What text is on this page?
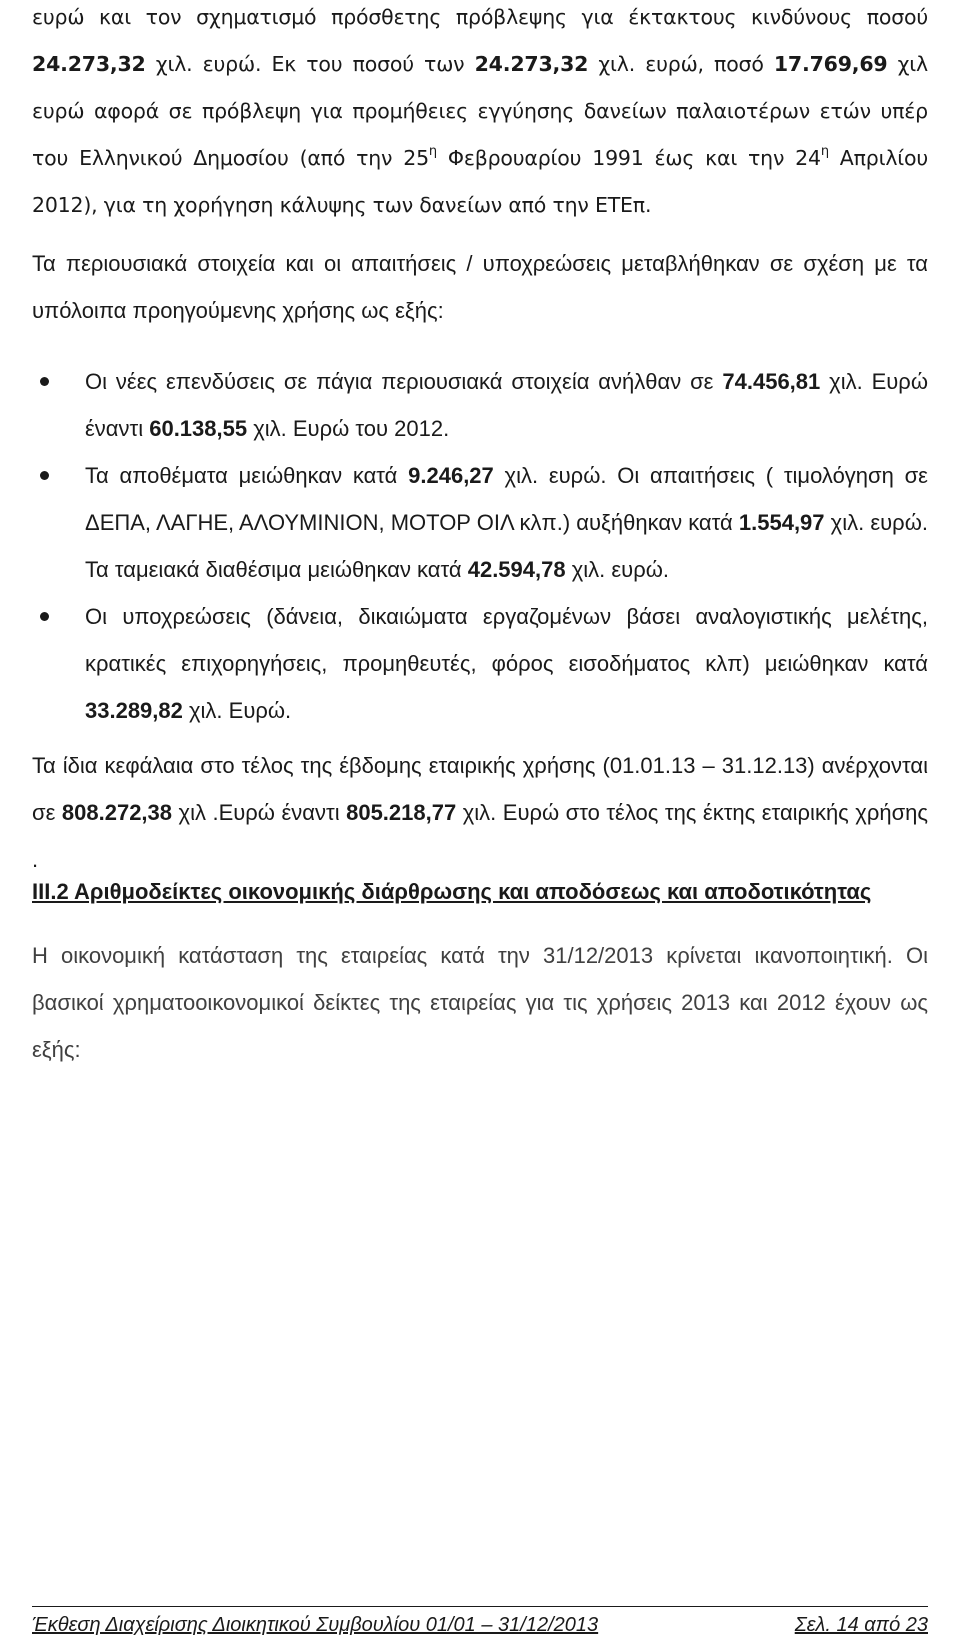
ευρώ και τον σχηματισμό πρόσθετης πρόβλεψης για έκτακτους κινδύνους ποσού 24.273,32 χιλ. ευρώ. Εκ του ποσού των 24.273,32 χιλ. ευρώ, ποσό 17.769,69 χιλ ευρώ αφορά σε πρόβλεψη για προμήθειες εγγύησης δανείων παλαιοτέρων ετών υπέρ του Ελληνικού Δημοσίου (από την $25^\eta$ Φεβρουαρίου 1991 έως και την $24^\eta$ Απριλίου 2012), για τη χορήγηση κάλυψης των δανείων από την ΕΤΕπ.

Τα περιουσιακά στοιχεία και οι απαιτήσεις / υποχρεώσεις μεταβλήθηκαν σε σχέση με τα υπόλοιπα προηγούμενης χρήσης ως εξής:

Οι νέες επενδύσεις σε πάγια περιουσιακά στοιχεία ανήλθαν σε 74.456,81 χιλ. Ευρώ έναντι 60.138,55 χιλ. Ευρώ του 2012.
Τα αποθέματα μειώθηκαν κατά 9.246,27 χιλ. ευρώ. Οι απαιτήσεις ( τιμολόγηση σε ΔΕΠΑ, ΛΑΓΗΕ, ΑΛΟΥΜΙΝΙΟΝ, ΜΟΤΟΡ ΟΙΛ κλπ.) αυξήθηκαν κατά 1.554,97 χιλ. ευρώ. Τα ταμειακά διαθέσιμα μειώθηκαν κατά 42.594,78 χιλ. ευρώ.
Οι υποχρεώσεις (δάνεια, δικαιώματα εργαζομένων βάσει αναλογιστικής μελέτης, κρατικές επιχορηγήσεις, προμηθευτές, φόρος εισοδήματος κλπ) μειώθηκαν κατά 33.289,82 χιλ. Ευρώ.

Τα ίδια κεφάλαια στο τέλος της έβδομης εταιρικής χρήσης (01.01.13 – 31.12.13) ανέρχονται σε 808.272,38 χιλ .Ευρώ έναντι 805.218,77 χιλ. Ευρώ στο τέλος της έκτης εταιρικής χρήσης .

ΙΙΙ.2 Αριθμοδείκτες οικονομικής διάρθρωσης και αποδόσεως και αποδοτικότητας

Η οικονομική κατάσταση της εταιρείας κατά την 31/12/2013 κρίνεται ικανοποιητική. Οι βασικοί χρηματοοικονομικοί δείκτες της εταιρείας για τις χρήσεις 2013 και 2012 έχουν ως εξής:

Έκθεση Διαχείρισης Διοικητικού Συμβουλίου 01/01 – 31/12/2013	Σελ. 14 από 23
